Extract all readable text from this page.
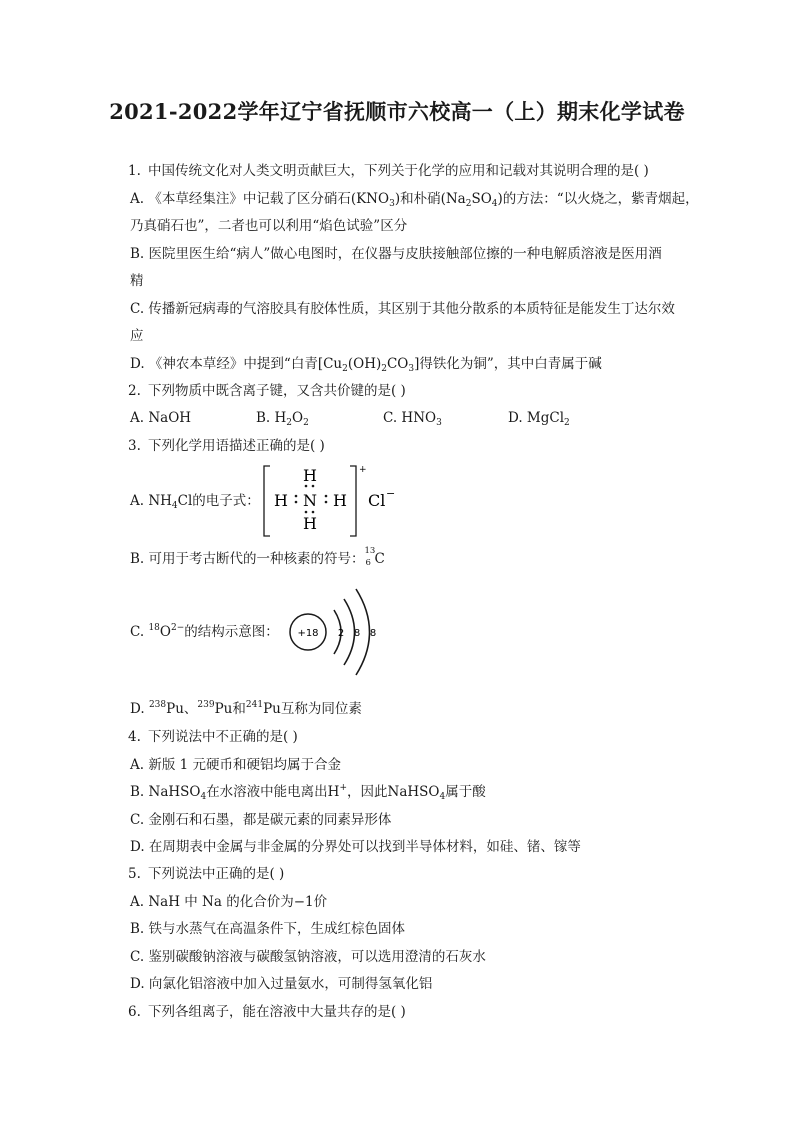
2021-2022学年辽宁省抚顺市六校高一（上）期末化学试卷
1. 中国传统文化对人类文明贡献巨大，下列关于化学的应用和记载对其说明合理的是( )
A. 《本草经集注》中记载了区分硝石$(KNO_3)$和朴硝$(Na_2SO_4)$的方法：“以火烧之，紫青烟起，
乃真硝石也”，二者也可以利用“焰色试验”区分
B. 医院里医生给“病人”做心电图时，在仪器与皮肤接触部位擦的一种电解质溶液是医用酒
精
C. 传播新冠病毒的气溶胶具有胶体性质，其区别于其他分散系的本质特征是能发生丁达尔效
应
D. 《神农本草经》中提到“白青$[Cu_2(OH)_2CO_3]$得铁化为铜”，其中白青属于碱
2. 下列物质中既含离子键，又含共价键的是( )
A. NaOH	B. $H_2O_2$	C. $HNO_3$	D. MgCl$_2$
3. 下列化学用语描述正确的是( )
A. $NH_4Cl$的电子式：
+
H
H N H
H
Cl −
B. 可用于考古断代的一种核素的符号： 13
6 C
C. $^{18}O^{2-}$的结构示意图： +18 2 8 8
D. $^{238}$Pu、$^{239}$Pu和$^{241}$Pu互称为同位素
4. 下列说法中不正确的是( )
A. 新版 1 元硬币和硬铝均属于合金
B. NaHSO$_4$在水溶液中能电离出H+，因此NaHSO$_4$属于酸
C. 金刚石和石墨，都是碳元素的同素异形体
D. 在周期表中金属与非金属的分界处可以找到半导体材料，如硅、锗、镓等
5. 下列说法中正确的是( )
A. NaH 中 Na 的化合价为−1价
B. 铁与水蒸气在高温条件下，生成红棕色固体
C. 鉴别碳酸钠溶液与碳酸氢钠溶液，可以选用澄清的石灰水
D. 向氯化铝溶液中加入过量氨水，可制得氢氧化铝
6. 下列各组离子，能在溶液中大量共存的是( )
